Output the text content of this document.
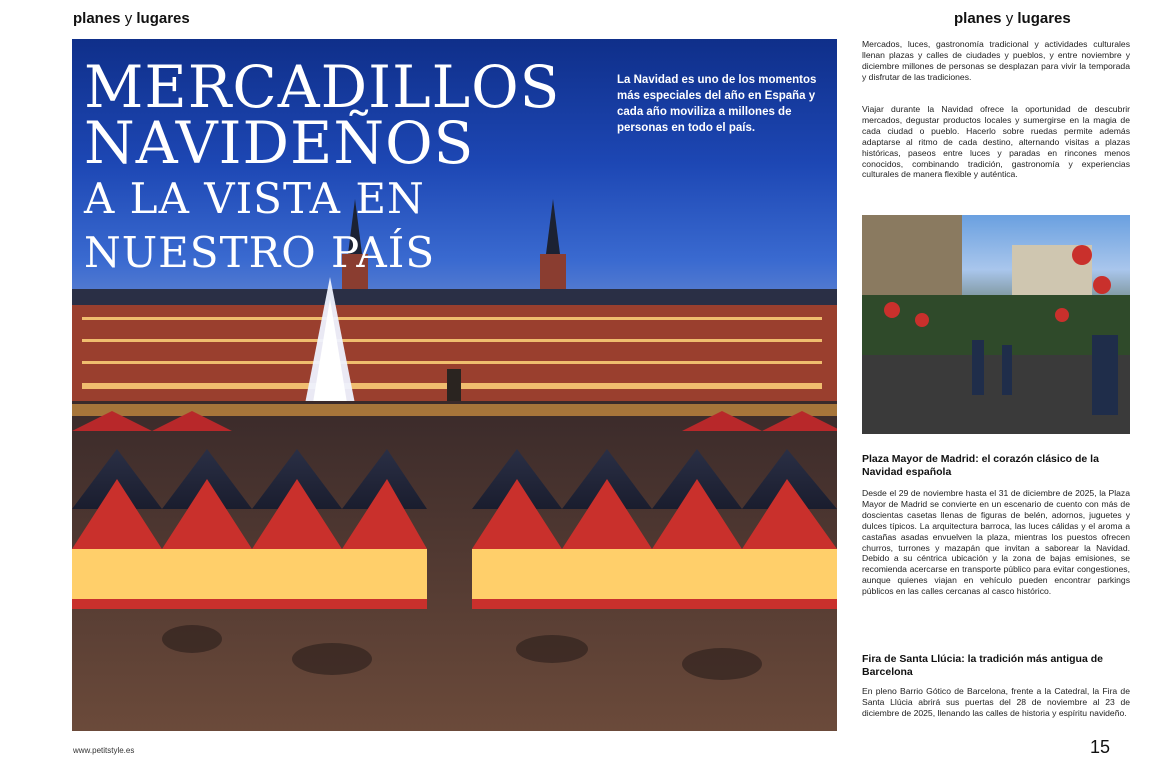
planes y lugares	planes y lugares
MERCADILLOS
NAVIDEÑOS
A LA VISTA EN
NUESTRO PAÍS
La Navidad es uno de los momentos más especiales del año en España y cada año moviliza a millones de personas en todo el país.
Mercados, luces, gastronomía tradicional y actividades culturales llenan plazas y calles de ciudades y pueblos, y entre noviembre y diciembre millones de personas se desplazan para vivir la temporada y disfrutar de las tradiciones.
Viajar durante la Navidad ofrece la oportunidad de descubrir mercados, degustar productos locales y sumergirse en la magia de cada ciudad o pueblo. Hacerlo sobre ruedas permite además adaptarse al ritmo de cada destino, alternando visitas a plazas históricas, paseos entre luces y paradas en rincones menos conocidos, combinando tradición, gastronomía y experiencias culturales de manera flexible y auténtica.
Plaza Mayor de Madrid: el corazón clásico de la Navidad española
Desde el 29 de noviembre hasta el 31 de diciembre de 2025, la Plaza Mayor de Madrid se convierte en un escenario de cuento con más de doscientas casetas llenas de figuras de belén, adornos, juguetes y dulces típicos. La arquitectura barroca, las luces cálidas y el aroma a castañas asadas envuelven la plaza, mientras los puestos ofrecen churros, turrones y mazapán que invitan a saborear la Navidad. Debido a su céntrica ubicación y la zona de bajas emisiones, se recomienda acercarse en transporte público para evitar congestiones, aunque quienes viajan en vehículo pueden encontrar parkings públicos en las calles cercanas al casco histórico.
Fira de Santa Llúcia: la tradición más antigua de Barcelona
En pleno Barrio Gótico de Barcelona, frente a la Catedral, la Fira de Santa Llúcia abrirá sus puertas del 28 de noviembre al 23 de diciembre de 2025, llenando las calles de historia y espíritu navideño.
www.petitstyle.es	15
